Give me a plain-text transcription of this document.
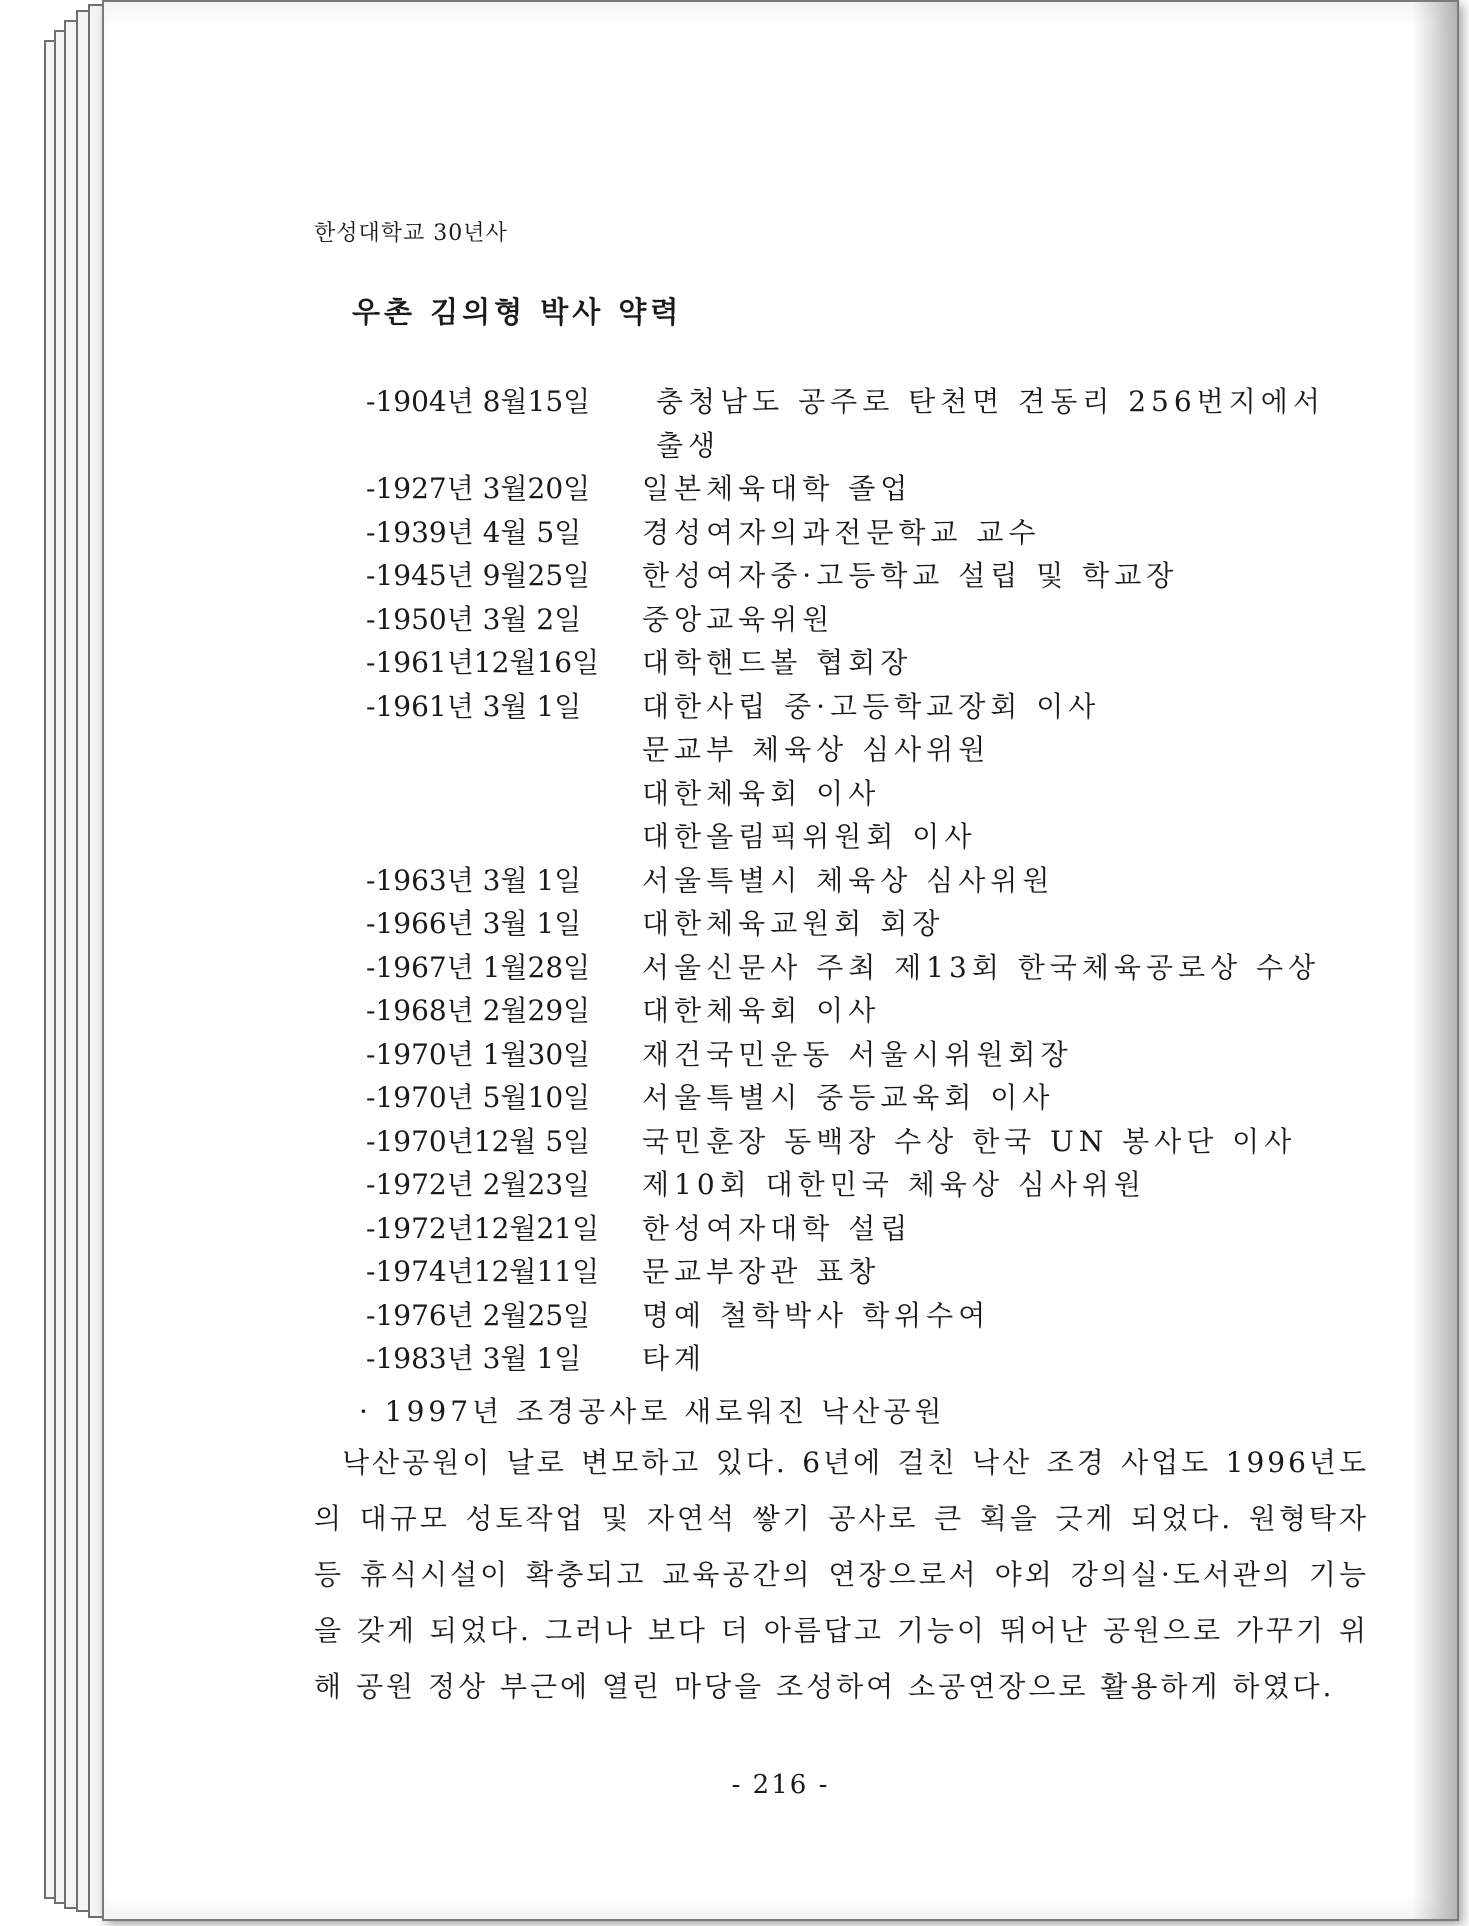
한성대학교 30년사
우촌 김의형 박사 약력
-1904년 8월15일 충청남도 공주로 탄천면 견동리 256번지에서
출생
-1927년 3월20일 일본체육대학 졸업
-1939년 4월 5일 경성여자의과전문학교 교수
-1945년 9월25일 한성여자중·고등학교 설립 및 학교장
-1950년 3월 2일 중앙교육위원
-1961년12월16일 대학핸드볼 협회장
-1961년 3월 1일 대한사립 중·고등학교장회 이사
문교부 체육상 심사위원
대한체육회 이사
대한올림픽위원회 이사
-1963년 3월 1일 서울특별시 체육상 심사위원
-1966년 3월 1일 대한체육교원회 회장
-1967년 1월28일 서울신문사 주최 제13회 한국체육공로상 수상
-1968년 2월29일 대한체육회 이사
-1970년 1월30일 재건국민운동 서울시위원회장
-1970년 5월10일 서울특별시 중등교육회 이사
-1970년12월 5일 국민훈장 동백장 수상 한국 UN 봉사단 이사
-1972년 2월23일 제10회 대한민국 체육상 심사위원
-1972년12월21일 한성여자대학 설립
-1974년12월11일 문교부장관 표창
-1976년 2월25일 명예 철학박사 학위수여
-1983년 3월 1일 타계
· 1997년 조경공사로 새로워진 낙산공원
낙산공원이 날로 변모하고 있다. 6년에 걸친 낙산 조경 사업도 1996년도의 대규모 성토작업 및 자연석 쌓기 공사로 큰 획을 긋게 되었다. 원형탁자 등 휴식시설이 확충되고 교육공간의 연장으로서 야외 강의실·도서관의 기능을 갖게 되었다. 그러나 보다 더 아름답고 기능이 뛰어난 공원으로 가꾸기 위해 공원 정상 부근에 열린 마당을 조성하여 소공연장으로 활용하게 하였다.
- 216 -
